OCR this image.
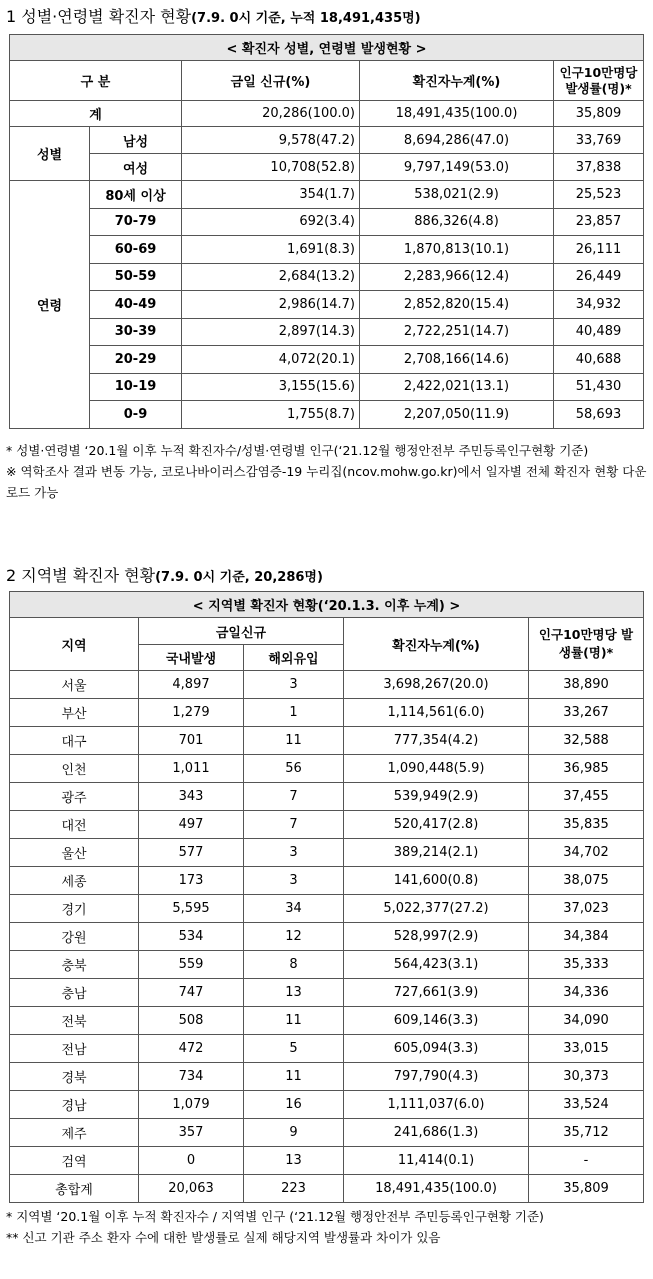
1 성별·연령별 확진자 현황(7.9. 0시 기준, 누적 18,491,435명)
< 확진자 성별, 연령별 발생현황 >				
구 분		금일 신규(%)	확진자누계(%)	인구10만명당 발생률(명)*
계		20,286(100.0)	18,491,435(100.0)	35,809
성별	남성	9,578(47.2)	8,694,286(47.0)	33,769
	여성	10,708(52.8)	9,797,149(53.0)	37,838
연령	80세 이상	354(1.7)	538,021(2.9)	25,523
	70-79	692(3.4)	886,326(4.8)	23,857
	60-69	1,691(8.3)	1,870,813(10.1)	26,111
	50-59	2,684(13.2)	2,283,966(12.4)	26,449
	40-49	2,986(14.7)	2,852,820(15.4)	34,932
	30-39	2,897(14.3)	2,722,251(14.7)	40,489
	20-29	4,072(20.1)	2,708,166(14.6)	40,688
	10-19	3,155(15.6)	2,422,021(13.1)	51,430
	0-9	1,755(8.7)	2,207,050(11.9)	58,693

* 성별·연령별 ‘20.1월 이후 누적 확진자수/성별·연령별 인구(‘21.12월 행정안전부 주민등록인구현황 기준)

※ 역학조사 결과 변동 가능, 코로나바이러스감염증-19 누리집(ncov.mohw.go.kr)에서 일자별 전체 확진자 현황 다운로드 가능

2 지역별 확진자 현황(7.9. 0시 기준, 20,286명)
< 지역별 확진자 현황(‘20.1.3. 이후 누계) >				
지역	금일신규		확진자누계(%)	인구10만명당 발생률(명)*
	국내발생	해외유입		
서울	4,897	3	3,698,267(20.0)	38,890
부산	1,279	1	1,114,561(6.0)	33,267
대구	701	11	777,354(4.2)	32,588
인천	1,011	56	1,090,448(5.9)	36,985
광주	343	7	539,949(2.9)	37,455
대전	497	7	520,417(2.8)	35,835
울산	577	3	389,214(2.1)	34,702
세종	173	3	141,600(0.8)	38,075
경기	5,595	34	5,022,377(27.2)	37,023
강원	534	12	528,997(2.9)	34,384
충북	559	8	564,423(3.1)	35,333
충남	747	13	727,661(3.9)	34,336
전북	508	11	609,146(3.3)	34,090
전남	472	5	605,094(3.3)	33,015
경북	734	11	797,790(4.3)	30,373
경남	1,079	16	1,111,037(6.0)	33,524
제주	357	9	241,686(1.3)	35,712
검역	0	13	11,414(0.1)	-
총합계	20,063	223	18,491,435(100.0)	35,809

* 지역별 ‘20.1월 이후 누적 확진자수 / 지역별 인구 (‘21.12월 행정안전부 주민등록인구현황 기준)

** 신고 기관 주소 환자 수에 대한 발생률로 실제 해당지역 발생률과 차이가 있음
